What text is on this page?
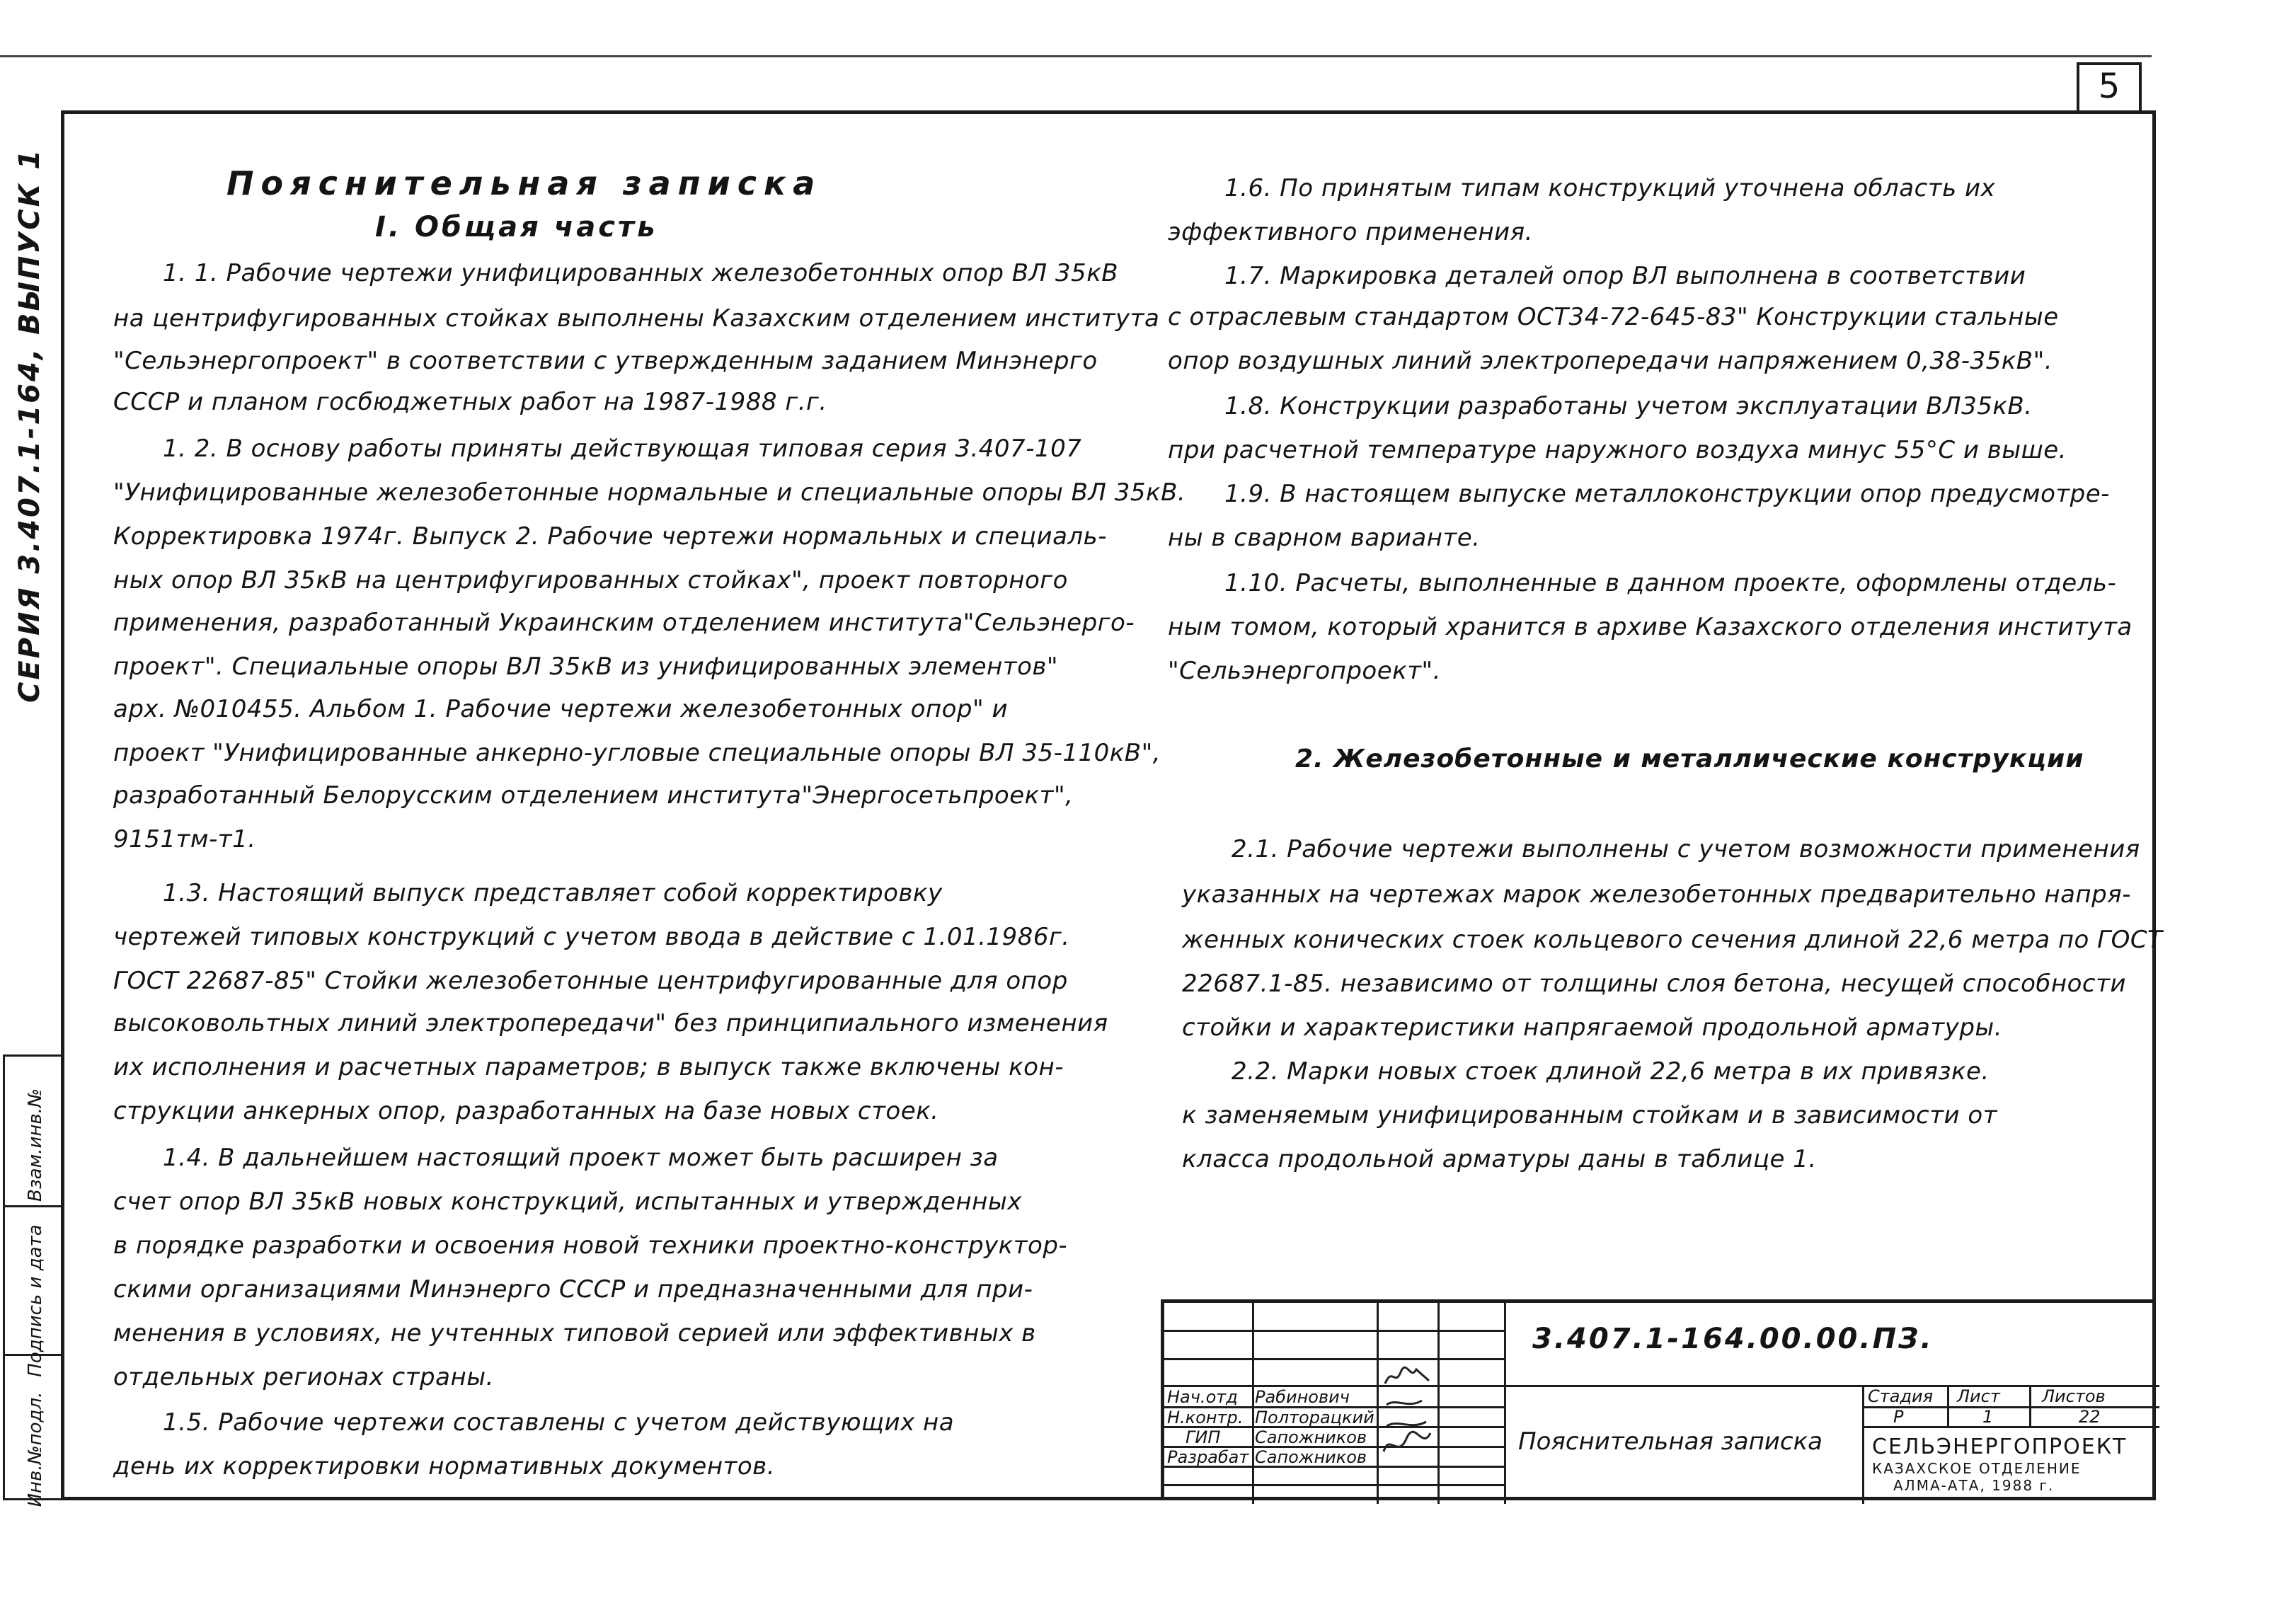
5
СЕРИЯ 3.407.1-164, ВЫПУСК 1
Инв.№подл.
Подпись и дата
Взам.инв.№
Пояснительная записка
I. Общая часть
1. 1. Рабочие чертежи унифицированных железобетонных опор ВЛ 35кВ
на центрифугированных стойках выполнены Казахским отделением института
"Сельэнергопроект" в соответствии с утвержденным заданием Минэнерго
СССР и планом госбюджетных работ на 1987-1988 г.г.
1. 2. В основу работы приняты действующая типовая серия 3.407-107
"Унифицированные железобетонные нормальные и специальные опоры ВЛ 35кВ.
Корректировка 1974г. Выпуск 2. Рабочие чертежи нормальных и специаль-
ных опор ВЛ 35кВ на центрифугированных стойках", проект повторного
применения, разработанный Украинским отделением института"Сельэнерго-
проект". Специальные опоры ВЛ 35кВ из унифицированных элементов"
арх. №010455. Альбом 1. Рабочие чертежи железобетонных опор" и
проект "Унифицированные анкерно-угловые специальные опоры ВЛ 35-110кВ",
разработанный Белорусским отделением института"Энергосетьпроект",
9151тм-т1.
1.3. Настоящий выпуск представляет собой корректировку
чертежей типовых конструкций с учетом ввода в действие с 1.01.1986г.
ГОСТ 22687-85" Стойки железобетонные центрифугированные для опор
высоковольтных линий электропередачи" без принципиального изменения
их исполнения и расчетных параметров; в выпуск также включены кон-
струкции анкерных опор, разработанных на базе новых стоек.
1.4. В дальнейшем настоящий проект может быть расширен за
счет опор ВЛ 35кВ новых конструкций, испытанных и утвержденных
в порядке разработки и освоения новой техники проектно-конструктор-
скими организациями Минэнерго СССР и предназначенными для при-
менения в условиях, не учтенных типовой серией или эффективных в
отдельных регионах страны.
1.5. Рабочие чертежи составлены с учетом действующих на
день их корректировки нормативных документов.
1.6. По принятым типам конструкций уточнена область их
эффективного применения.
1.7. Маркировка деталей опор ВЛ выполнена в соответствии
с отраслевым стандартом ОСТ34-72-645-83" Конструкции стальные
опор воздушных линий электропередачи напряжением 0,38-35кВ".
1.8. Конструкции разработаны учетом эксплуатации ВЛ35кВ.
при расчетной температуре наружного воздуха минус 55°С и выше.
1.9. В настоящем выпуске металлоконструкции опор предусмотре-
ны в сварном варианте.
1.10. Расчеты, выполненные в данном проекте, оформлены отдель-
ным томом, который хранится в архиве Казахского отделения института
"Сельэнергопроект".
2. Железобетонные и металлические конструкции
2.1. Рабочие чертежи выполнены с учетом возможности применения
указанных на чертежах марок железобетонных предварительно напря-
женных конических стоек кольцевого сечения длиной 22,6 метра по ГОСТ
22687.1-85. независимо от толщины слоя бетона, несущей способности
стойки и характеристики напрягаемой продольной арматуры.
2.2. Марки новых стоек длиной 22,6 метра в их привязке.
к заменяемым унифицированным стойкам и в зависимости от
класса продольной арматуры даны в таблице 1.
3.407.1-164.00.00.ПЗ.
Пояснительная записка
Нач.отд Рабинович
Н.контр. Полторацкий
ГИП Сапожников
Разрабат Сапожников
Стадия Лист Листов
Р	1	22
СЕЛЬЭНЕРГОПРОЕКТ
КАЗАХСКОЕ ОТДЕЛЕНИЕ
АЛМА-АТА, 1988 г.
